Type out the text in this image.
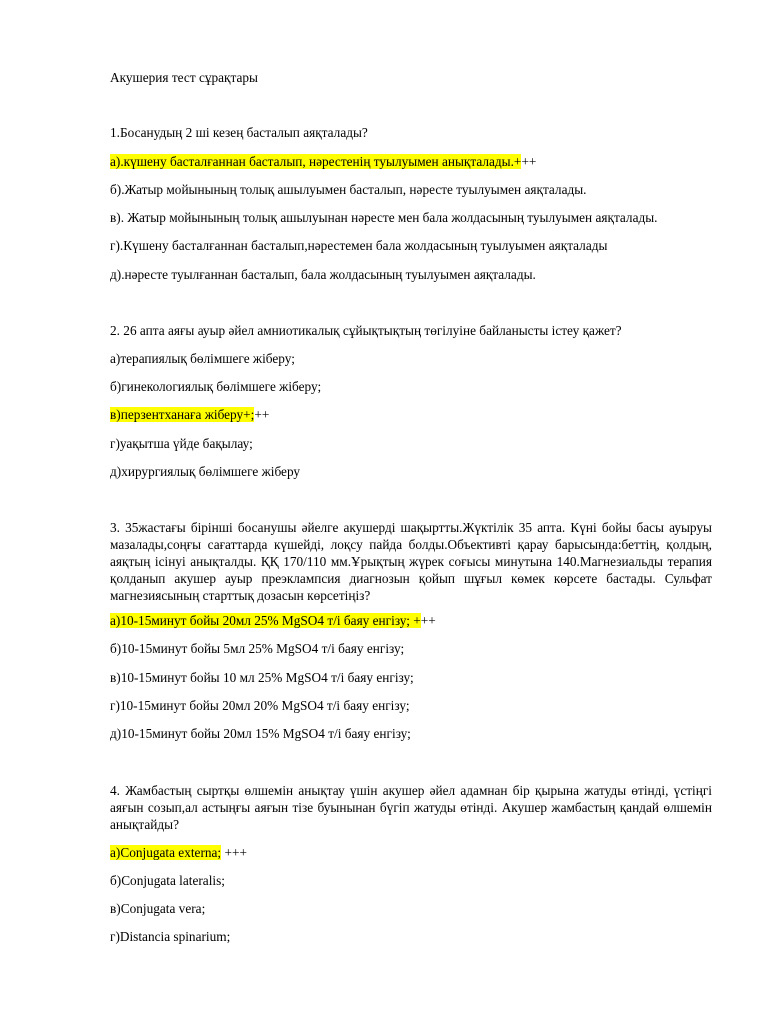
Акушерия тест сұрақтары
1.Босанудың 2 ші кезең басталып аяқталады?
а).күшену басталғаннан басталып, нәрестенің туылуымен анықталады.+++
б).Жатыр мойынының толық ашылуымен басталып, нәресте туылуымен аяқталады.
в). Жатыр мойынының толық ашылуынан нәресте мен бала жолдасының туылуымен аяқталады.
г).Күшену басталғаннан басталып,нәрестемен бала жолдасының туылуымен аяқталады
д).нәресте туылғаннан басталып, бала жолдасының туылуымен аяқталады.
2. 26 апта аяғы ауыр әйел амниотикалық сұйықтықтың төгілуіне байланысты істеу қажет?
а)терапиялық бөлімшеге жіберу;
б)гинекологиялық бөлімшеге жіберу;
в)перзентханаға жіберу+;++
г)уақытша үйде бақылау;
д)хирургиялық бөлімшеге жіберу
3. 35жастағы бірінші босанушы әйелге акушерді шақыртты.Жүктілік 35 апта. Күні бойы басы ауыруы мазалады,соңғы сағаттарда күшейді, лоқсу пайда болды.Объективті қарау барысында:беттің, қолдың, аяқтың ісінуі анықталды. ҚҚ 170/110 мм.Ұрықтың жүрек соғысы минутына 140.Магнезиальды терапия қолданып акушер ауыр преэклампсия диагнозын қойып шұғыл көмек көрсете бастады. Сульфат магнезиясының старттық дозасын көрсетіңіз?
а)10-15минут бойы 20мл 25% MgSO4 т/і баяу енгізу; +++
б)10-15минут бойы 5мл 25% MgSO4 т/і баяу енгізу;
в)10-15минут бойы 10 мл 25% MgSO4 т/і баяу енгізу;
г)10-15минут бойы 20мл 20% MgSO4 т/і баяу енгізу;
д)10-15минут бойы 20мл 15% MgSO4 т/і баяу енгізу;
4. Жамбастың сыртқы өлшемін анықтау үшін акушер әйел адамнан бір қырына жатуды өтінді, үстіңгі аяғын созып,ал астыңғы аяғын тізе буынынан бүгіп жатуды өтінді. Акушер жамбастың қандай өлшемін анықтайды?
а)Conjugata externa; +++
б)Conjugata lateralis;
в)Conjugata vera;
г)Distancia spinarium;
